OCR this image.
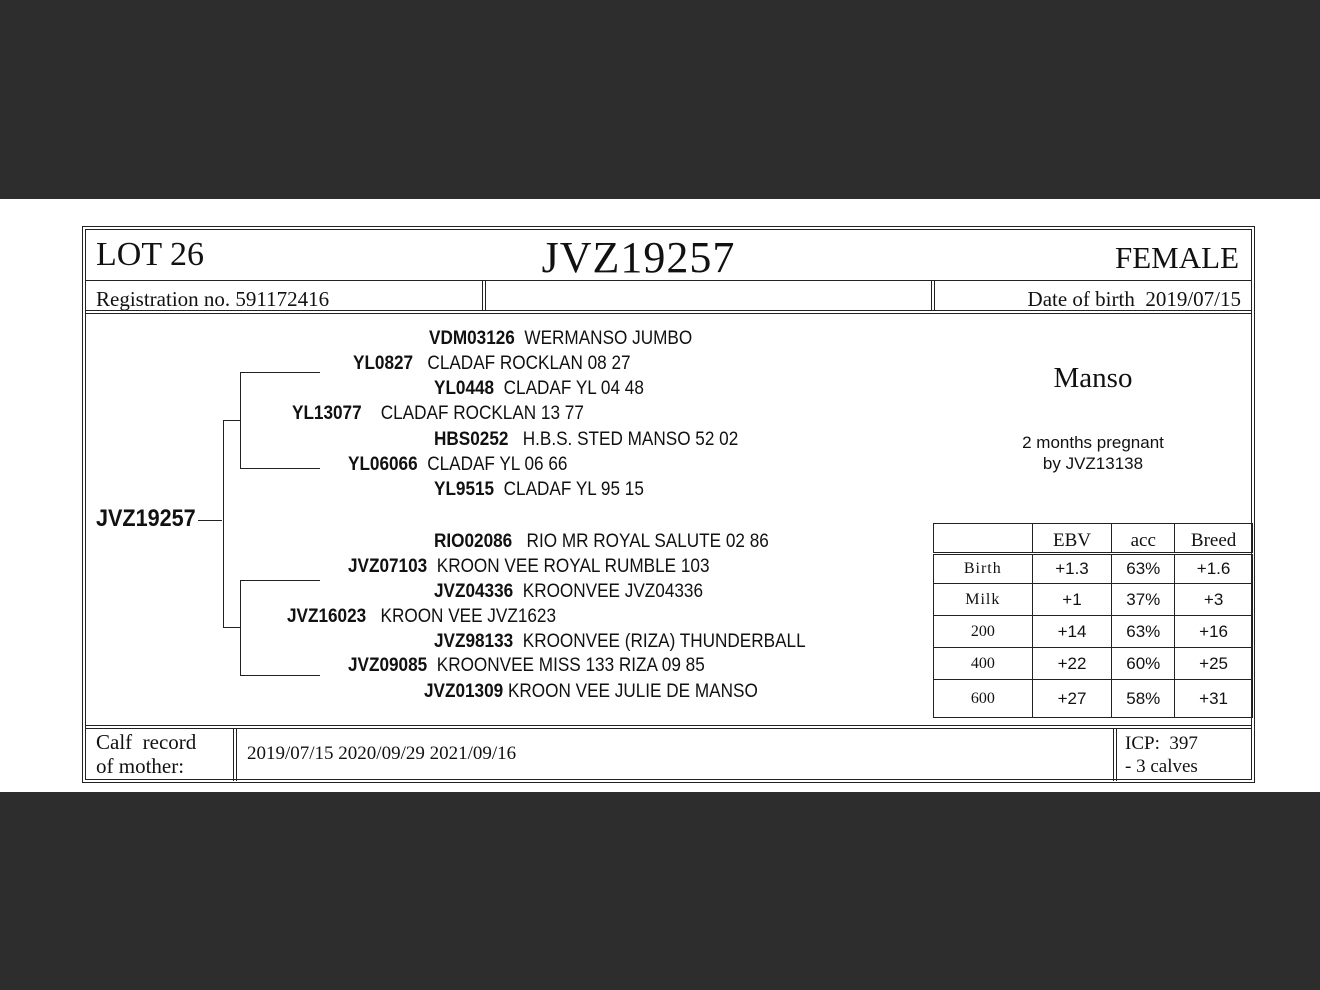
LOT 26	JVZ19257	FEMALE
Registration no. 591172416	Date of birth 2019/07/15
JVZ19257
VDM03126 WERMANSO JUMBO
YL0827 CLADAF ROCKLAN 08 27
YL0448 CLADAF YL 04 48
YL13077 CLADAF ROCKLAN 13 77
HBS0252 H.B.S. STED MANSO 52 02
YL06066 CLADAF YL 06 66
YL9515 CLADAF YL 95 15
RIO02086 RIO MR ROYAL SALUTE 02 86
JVZ07103 KROON VEE ROYAL RUMBLE 103
JVZ04336 KROONVEE JVZ04336
JVZ16023 KROON VEE JVZ1623
JVZ98133 KROONVEE (RIZA) THUNDERBALL
JVZ09085 KROONVEE MISS 133 RIZA 09 85
JVZ01309 KROON VEE JULIE DE MANSO
Manso
2 months pregnant
by JVZ13138
	EBV	acc	Breed
Birth	+1.3	63%	+1.6
Milk	+1	37%	+3
200	+14	63%	+16
400	+22	60%	+25
600	+27	58%	+31
Calf  record
of mother:
2019/07/15 2020/09/29 2021/09/16	ICP:  397
- 3 calves
